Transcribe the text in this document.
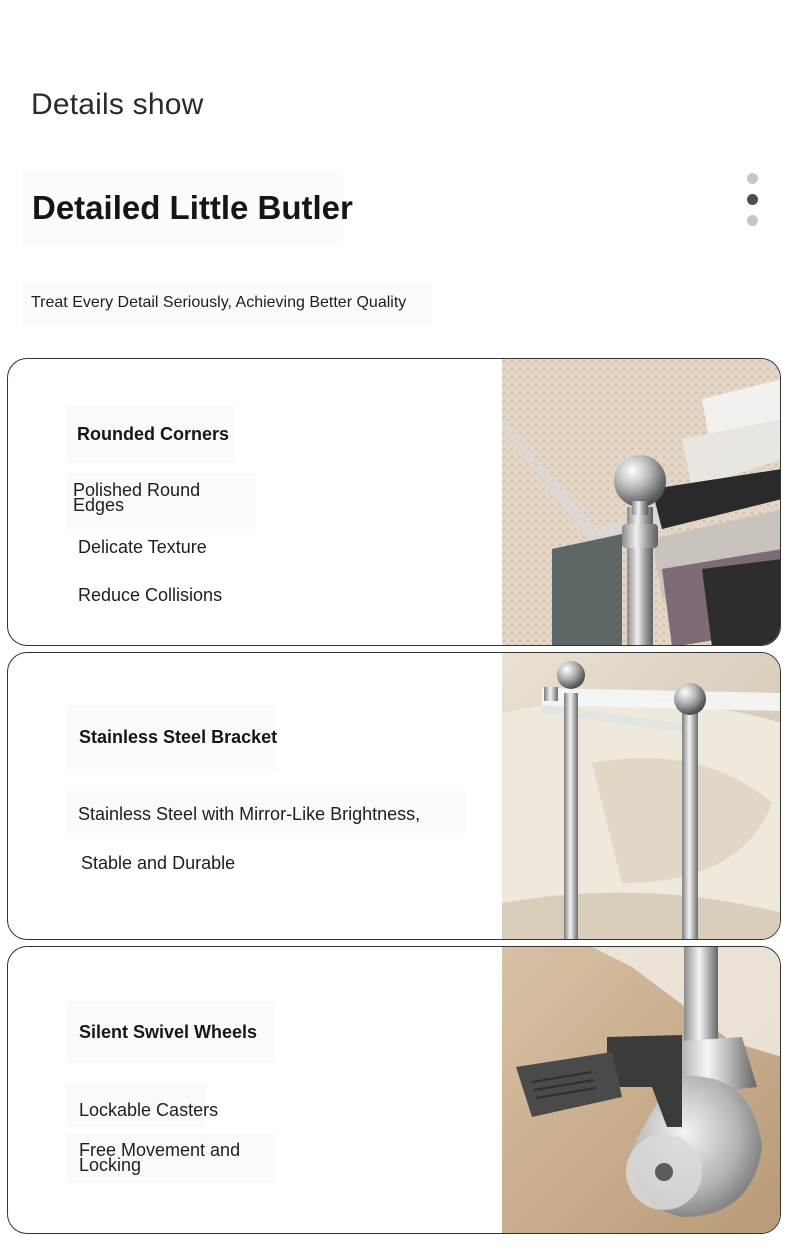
Details show
Detailed Little Butler
Treat Every Detail Seriously, Achieving Better Quality
Rounded Corners
Polished Round Edges
Delicate Texture
Reduce Collisions
Stainless Steel Bracket
Stainless Steel with Mirror-Like Brightness,
Stable and Durable
Silent Swivel Wheels
Lockable Casters
Free Movement and Locking
